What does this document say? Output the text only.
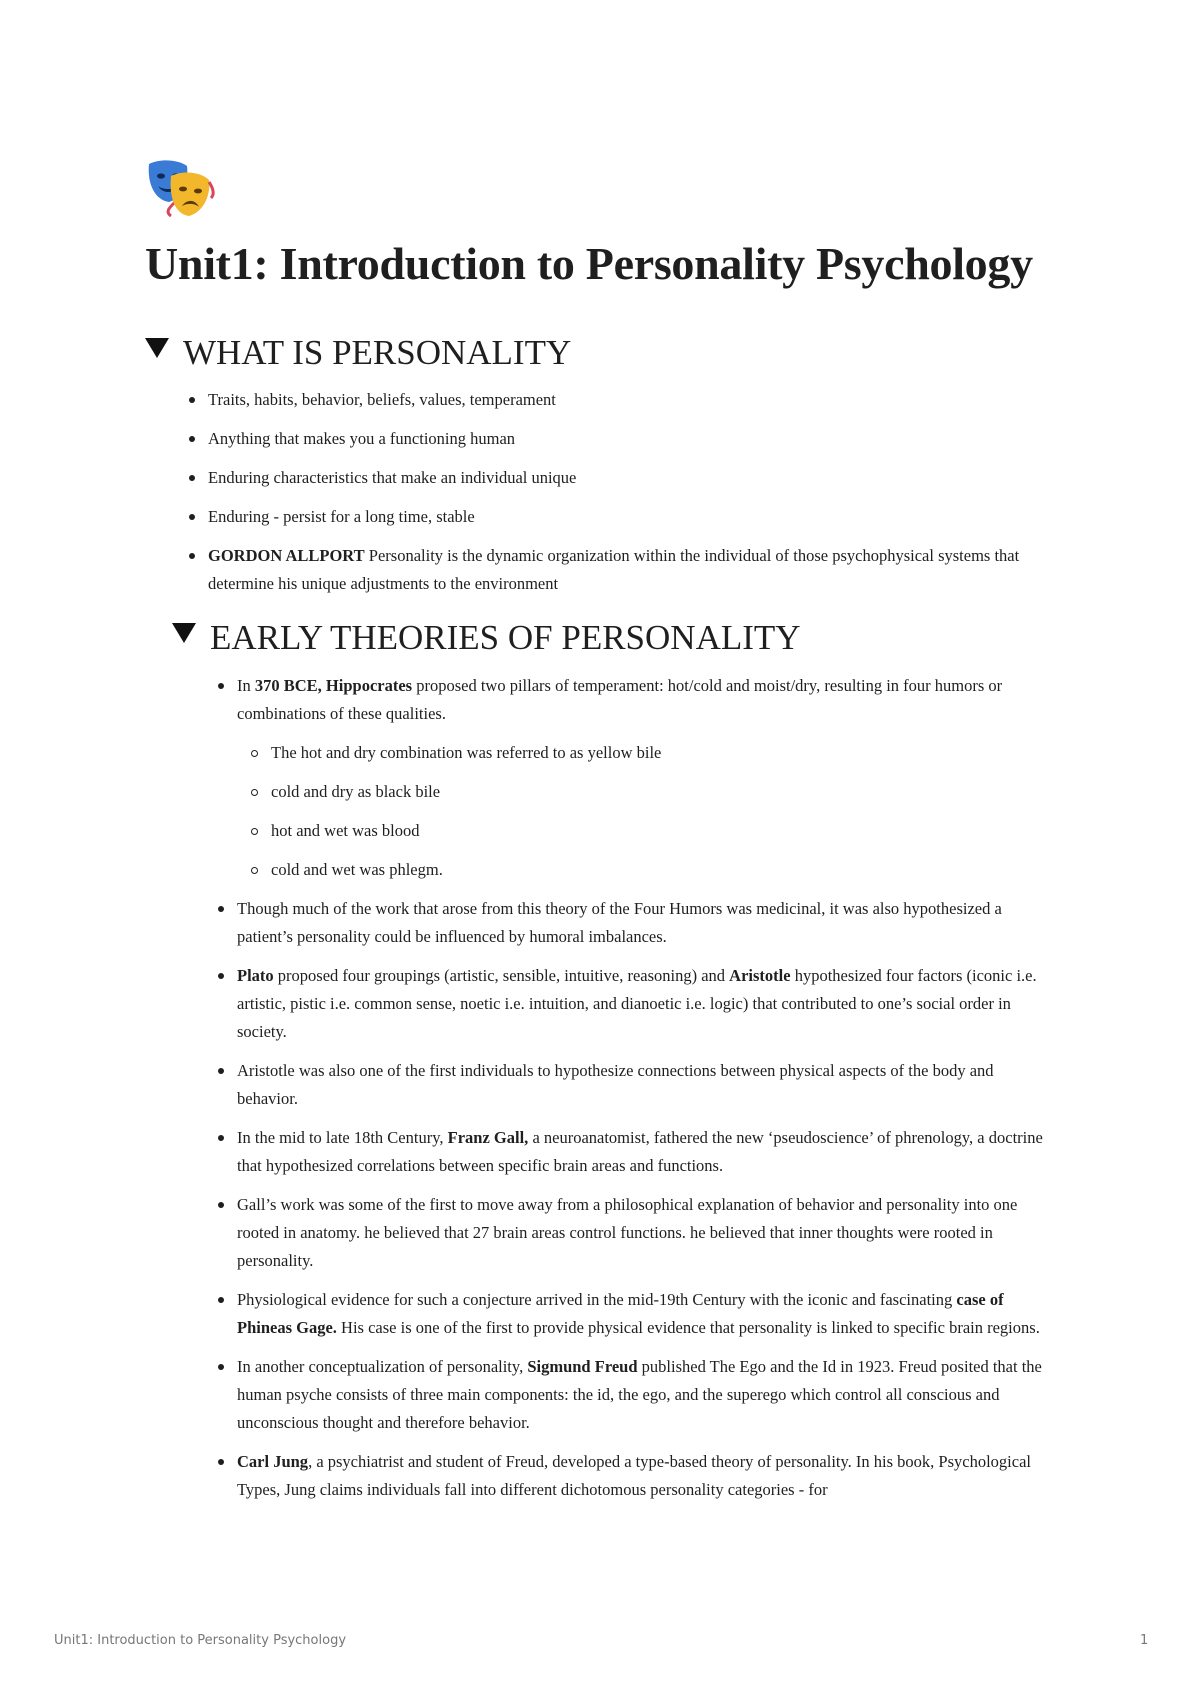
Unit1: Introduction to Personality Psychology
WHAT IS PERSONALITY
Traits, habits, behavior, beliefs, values, temperament
Anything that makes you a functioning human
Enduring characteristics that make an individual unique
Enduring - persist for a long time, stable
GORDON ALLPORT Personality is the dynamic organization within the individual of those psychophysical systems that determine his unique adjustments to the environment
EARLY THEORIES OF PERSONALITY
In 370 BCE, Hippocrates proposed two pillars of temperament: hot/cold and moist/dry, resulting in four humors or combinations of these qualities.
The hot and dry combination was referred to as yellow bile
cold and dry as black bile
hot and wet was blood
cold and wet was phlegm.
Though much of the work that arose from this theory of the Four Humors was medicinal, it was also hypothesized a patient’s personality could be influenced by humoral imbalances.
Plato proposed four groupings (artistic, sensible, intuitive, reasoning) and Aristotle hypothesized four factors (iconic i.e. artistic, pistic i.e. common sense, noetic i.e. intuition, and dianoetic i.e. logic) that contributed to one’s social order in society.
Aristotle was also one of the first individuals to hypothesize connections between physical aspects of the body and behavior.
In the mid to late 18th Century, Franz Gall, a neuroanatomist, fathered the new ‘pseudoscience’ of phrenology, a doctrine that hypothesized correlations between specific brain areas and functions.
Gall’s work was some of the first to move away from a philosophical explanation of behavior and personality into one rooted in anatomy. he believed that 27 brain areas control functions. he believed that inner thoughts were rooted in personality.
Physiological evidence for such a conjecture arrived in the mid-19th Century with the iconic and fascinating case of Phineas Gage. His case is one of the first to provide physical evidence that personality is linked to specific brain regions.
In another conceptualization of personality, Sigmund Freud published The Ego and the Id in 1923. Freud posited that the human psyche consists of three main components: the id, the ego, and the superego which control all conscious and unconscious thought and therefore behavior.
Carl Jung, a psychiatrist and student of Freud, developed a type-based theory of personality. In his book, Psychological Types, Jung claims individuals fall into different dichotomous personality categories - for
Unit1: Introduction to Personality Psychology	1
